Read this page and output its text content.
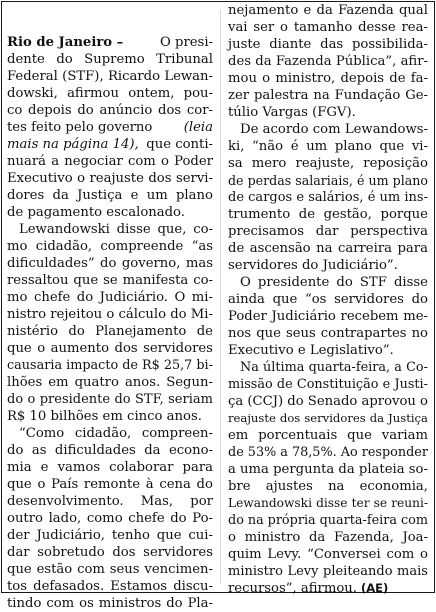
Rio de Janeiro –	O presi-
dente do Supremo Tribunal
Federal (STF), Ricardo Lewan-
dowski, afirmou ontem, pou-
co depois do anúncio dos cor-
tes feito pelo governo (leia
mais na página 14), que conti-
nuará a negociar com o Poder
Executivo o reajuste dos servi-
dores da Justiça e um plano
de pagamento escalonado.
Lewandowski disse que, co-
mo cidadão, compreende “as
dificuldades” do governo, mas
ressaltou que se manifesta co-
mo chefe do Judiciário. O mi-
nistro rejeitou o cálculo do Mi-
nistério do Planejamento de
que o aumento dos servidores
causaria impacto de R$ 25,7 bi-
lhões em quatro anos. Segun-
do o presidente do STF, seriam
R$ 10 bilhões em cinco anos.
“Como cidadão, compreen-
do as dificuldades da econo-
mia e vamos colaborar para
que o País remonte à cena do
desenvolvimento. Mas, por
outro lado, como chefe do Po-
der Judiciário, tenho que cui-
dar sobretudo dos servidores
que estão com seus vencimen-
tos defasados. Estamos discu-
tindo com os ministros do Pla-
nejamento e da Fazenda qual
vai ser o tamanho desse rea-
juste diante das possibilida-
des da Fazenda Pública”, afir-
mou o ministro, depois de fa-
zer palestra na Fundação Ge-
túlio Vargas (FGV).
De acordo com Lewandows-
ki, “não é um plano que vi-
sa mero reajuste, reposição
de perdas salariais, é um plano
de cargos e salários, é um ins-
trumento de gestão, porque
precisamos dar perspectiva
de ascensão na carreira para
servidores do Judiciário”.
O presidente do STF disse
ainda que “os servidores do
Poder Judiciário recebem me-
nos que seus contrapartes no
Executivo e Legislativo”.
Na última quarta-feira, a Co-
missão de Constituição e Justi-
ça (CCJ) do Senado aprovou o
reajuste dos servidores da Justiça
em porcentuais que variam
de 53% a 78,5%. Ao responder
a uma pergunta da plateia so-
bre ajustes na economia,
Lewandowski disse ter se reuni-
do na própria quarta-feira com
o ministro da Fazenda, Joa-
quim Levy. “Conversei com o
ministro Levy pleiteando mais
recursos”, afirmou. (AE)
